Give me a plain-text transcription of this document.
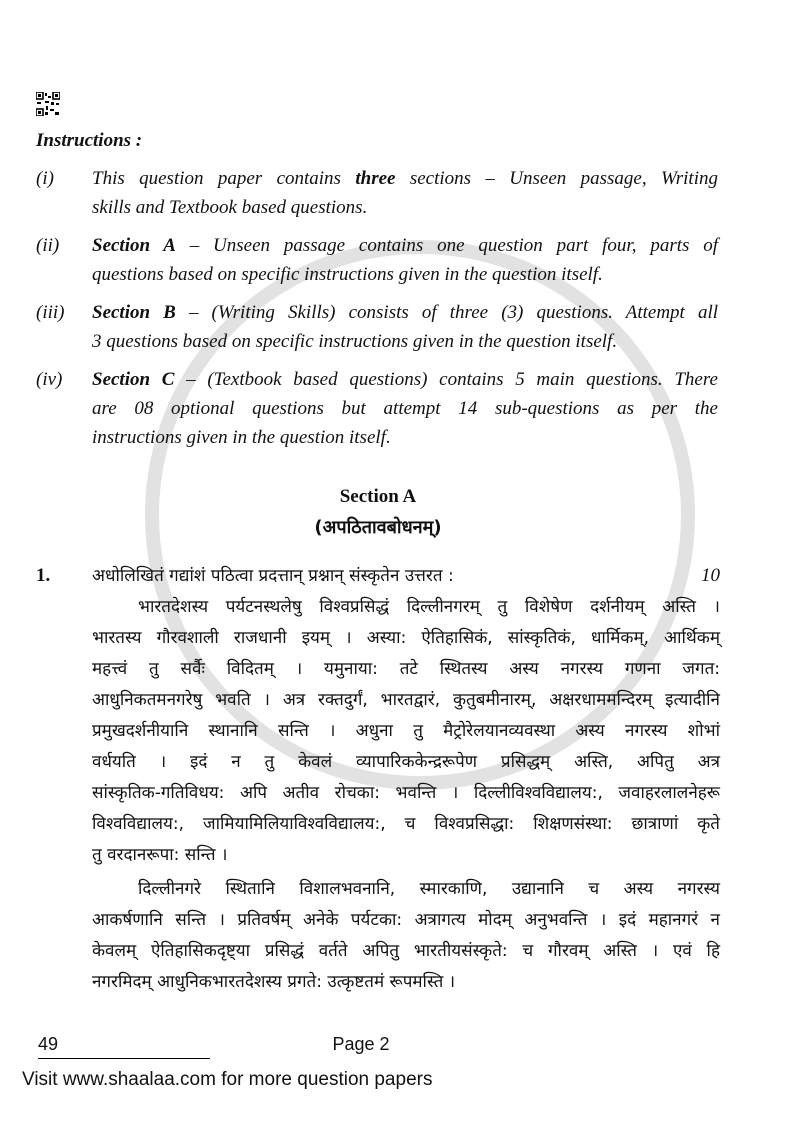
Instructions :
(i)	This question paper contains three sections – Unseen passage, Writing
skills and Textbook based questions.
(ii)	Section A – Unseen passage contains one question part four, parts of
questions based on specific instructions given in the question itself.
(iii)	Section B – (Writing Skills) consists of three (3) questions. Attempt all
3 questions based on specific instructions given in the question itself.
(iv)	Section C – (Textbook based questions) contains 5 main questions. There
are 08 optional questions but attempt 14 sub-questions as per the
instructions given in the question itself.
Section A
(अपठितावबोधनम्)
1.	अधोलिखितं गद्यांशं पठित्वा प्रदत्तान् प्रश्नान् संस्कृतेन उत्तरत :	10
भारतदेशस्य पर्यटनस्थलेषु विश्वप्रसिद्धं दिल्लीनगरम् तु विशेषेण दर्शनीयम् अस्ति ।
भारतस्य गौरवशाली राजधानी इयम् । अस्या: ऐतिहासिकं, सांस्कृतिकं, धार्मिकम्, आर्थिकम्
महत्त्वं तु सर्वैः विदितम् । यमुनाया: तटे स्थितस्य अस्य नगरस्य गणना जगत:
आधुनिकतमनगरेषु भवति । अत्र रक्तदुर्गं, भारतद्वारं, कुतुबमीनारम्, अक्षरधाममन्दिरम् इत्यादीनि
प्रमुखदर्शनीयानि स्थानानि सन्ति । अधुना तु मैट्रोरेलयानव्यवस्था अस्य नगरस्य शोभां
वर्धयति । इदं न तु केवलं व्यापारिककेन्द्ररूपेण प्रसिद्धम् अस्ति, अपितु अत्र
सांस्कृतिक-गतिविधय: अपि अतीव रोचका: भवन्ति । दिल्लीविश्वविद्यालय:, जवाहरलालनेहरू
विश्वविद्यालय:, जामियामिलियाविश्वविद्यालय:, च विश्वप्रसिद्धा: शिक्षणसंस्था: छात्राणां कृते
तु वरदानरूपा: सन्ति ।
दिल्लीनगरे स्थितानि विशालभवनानि, स्मारकाणि, उद्यानानि च अस्य नगरस्य
आकर्षणानि सन्ति । प्रतिवर्षम् अनेके पर्यटका: अत्रागत्य मोदम् अनुभवन्ति । इदं महानगरं न
केवलम् ऐतिहासिकदृष्ट्या प्रसिद्धं वर्तते अपितु भारतीयसंस्कृते: च गौरवम् अस्ति । एवं हि
नगरमिदम् आधुनिकभारतदेशस्य प्रगते: उत्कृष्टतमं रूपमस्ति ।
49	Page 2
Visit www.shaalaa.com for more question papers
